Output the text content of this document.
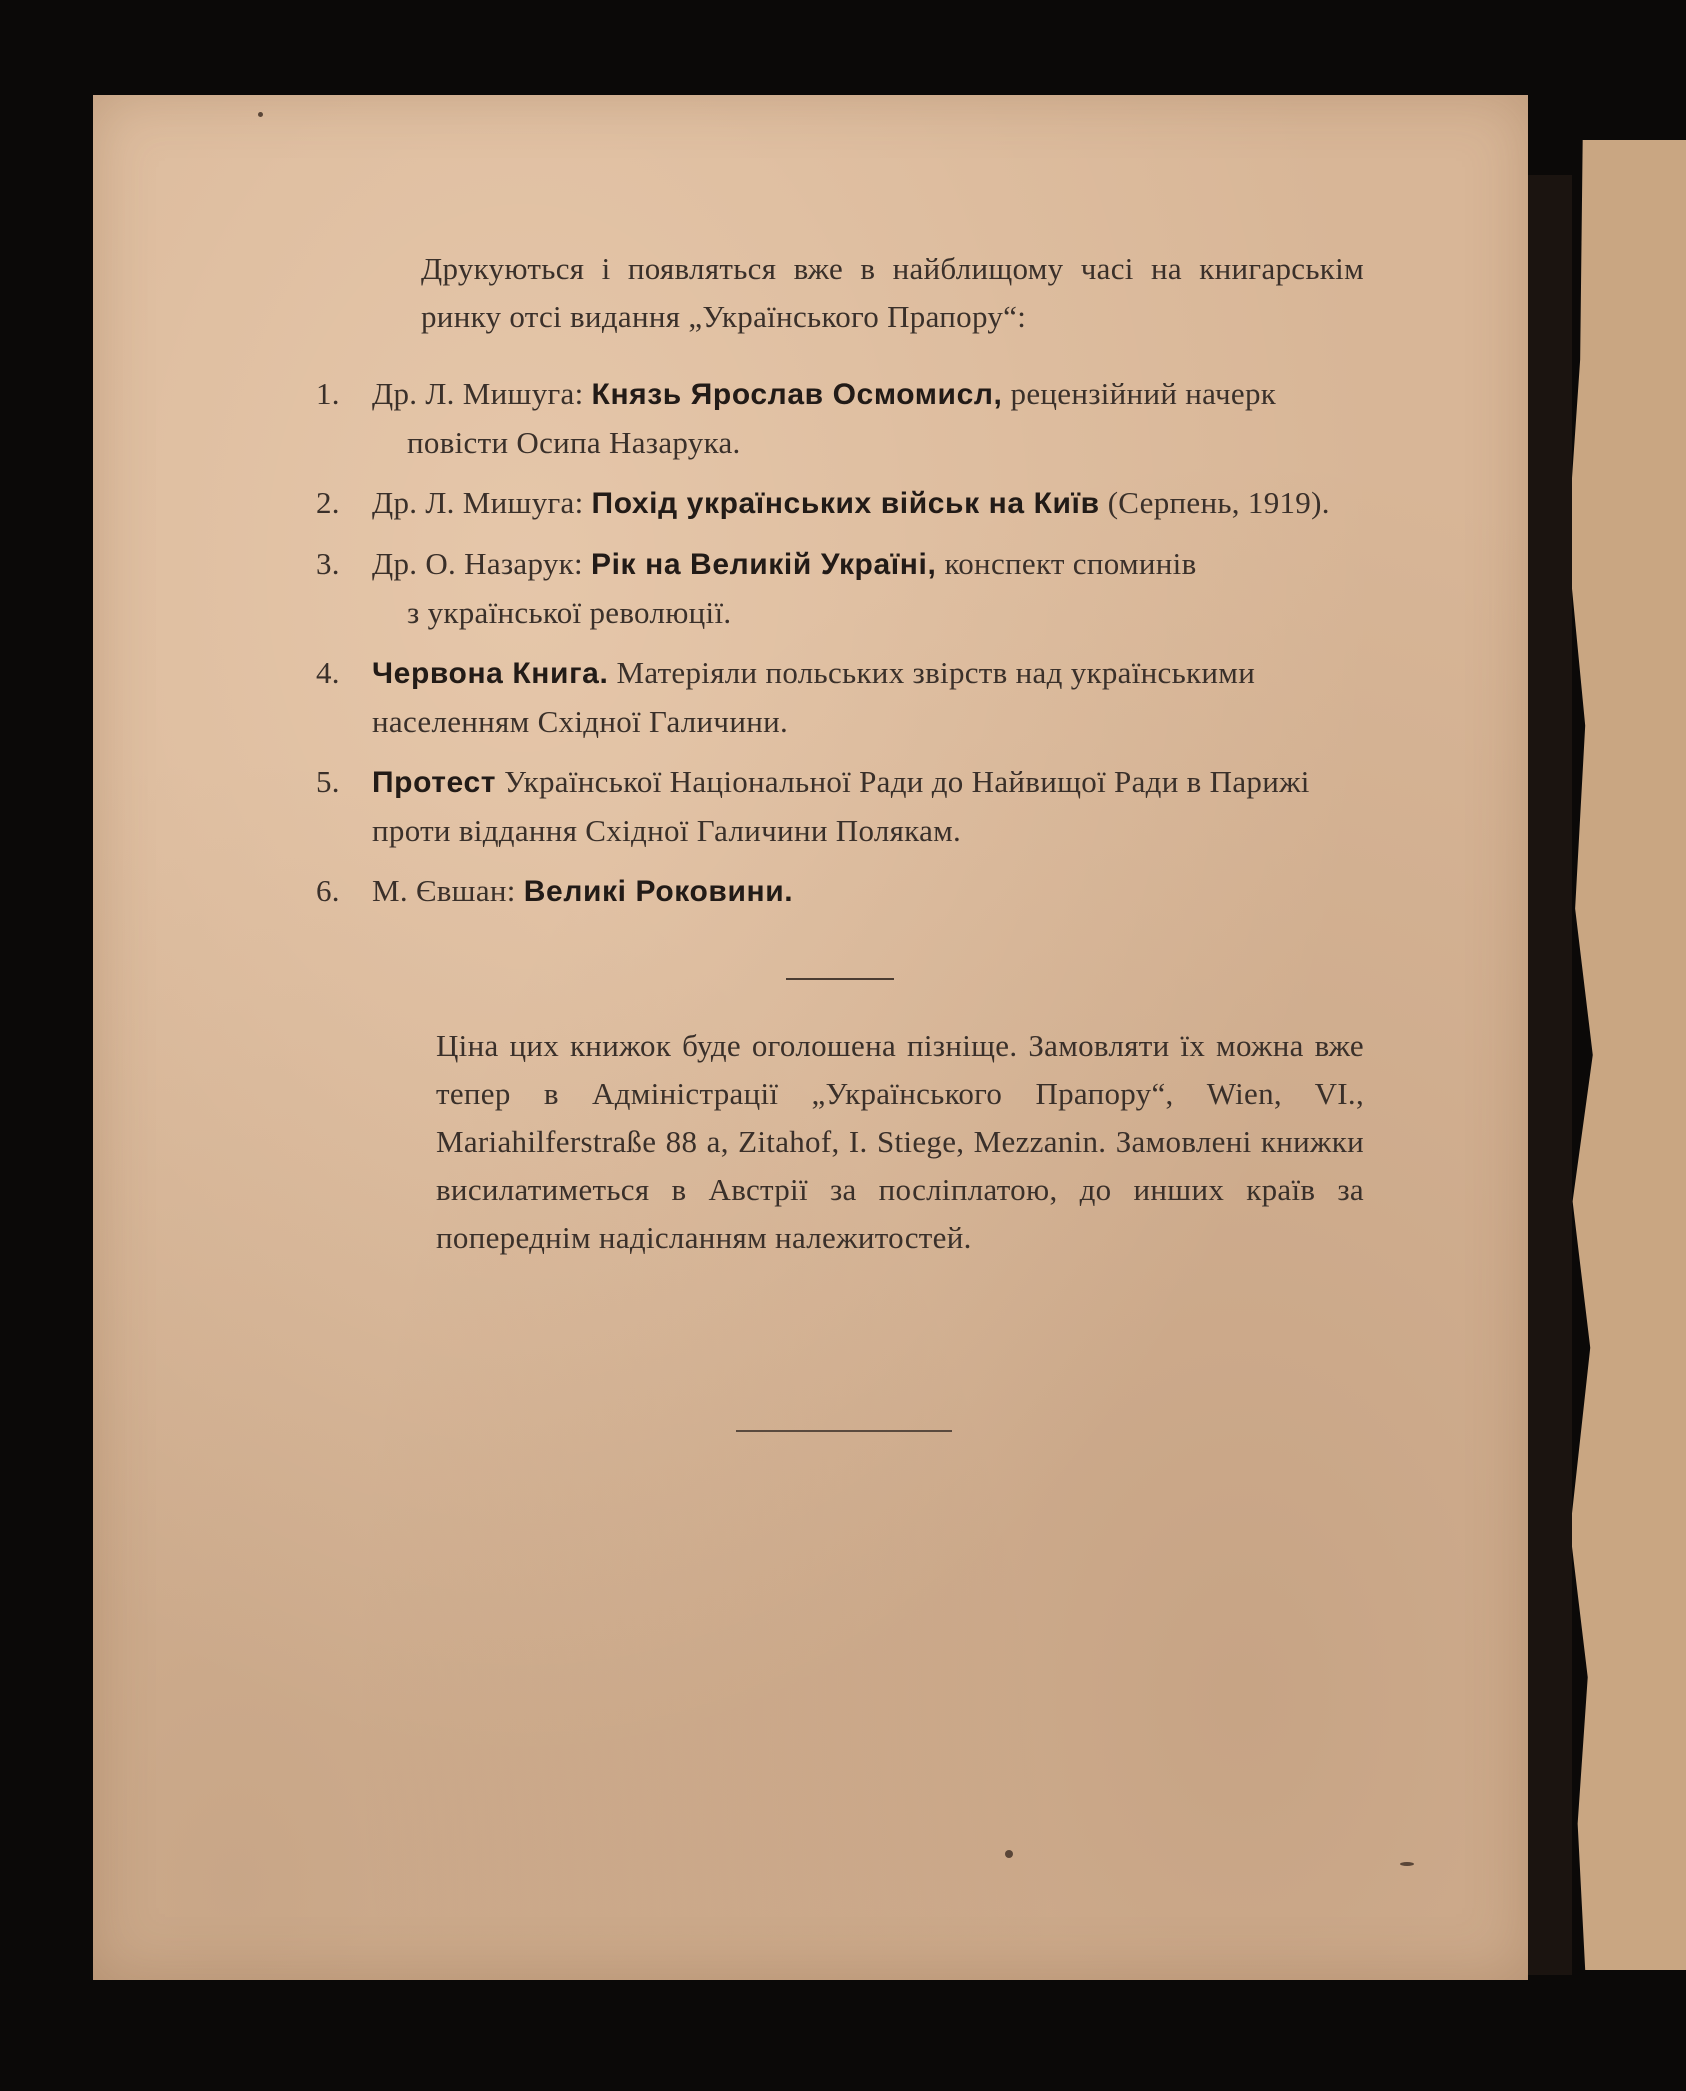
Друкуються і появляться вже в найблищому часі на книгарськім ринку отсі видання „Українського Прапору“:
1.	Др. Л. Мишуга: Князь Ярослав Осмомисл, рецензійний начерк
повісти Осипа Назарука.
2.	Др. Л. Мишуга: Похід українських військ на Київ (Серпень, 1919).
3.	Др. О. Назарук: Рік на Великій Україні, конспект споминів
з української революції.
4.	Червона Книга. Матеріяли польських звірств над українськими населенням Східної Галичини.
5.	Протест Української Національної Ради до Найвищої Ради в Парижі проти віддання Східної Галичини Полякам.
6.	М. Євшан: Великі Роковини.
Ціна цих книжок буде оголошена пізніще. Замовляти їх можна вже тепер в Адміністрації „Українського Прапору“, Wien, VI., Mariahilferstraße 88 a, Zitahof, I. Stiege, Mezzanin. Замовлені книжки висилатиметься в Австрії за посліплатою, до инших країв за попереднім надісланням належитостей.
